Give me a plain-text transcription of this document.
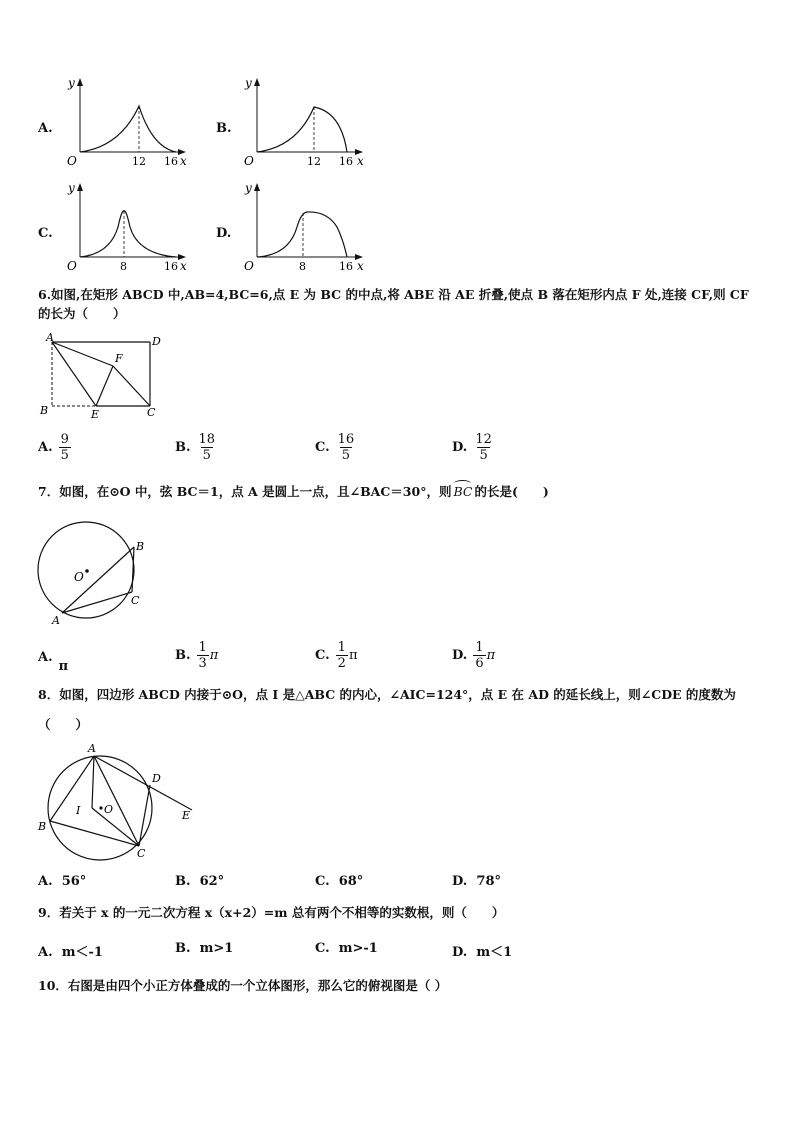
A.	B.
C.	D.
y
x
O	12 16
y
x
O	12 16
y
x
O	8	16
y
x
O	8	16
6.如图,在矩形 ABCD 中,AB=4,BC=6,点 E 为 BC 的中点,将 ABE 沿 AE 折叠,使点 B 落在矩形内点 F 处,连接 CF,则 CF
的长为（　　）
A	D
B	C
E
F
A. $\frac{9}{5}$	B. $\frac{18}{5}$	C. $\frac{16}{5}$	D. $\frac{12}{5}$
7．如图，在⊙O 中，弦 BC＝1，点 A 是圆上一点，且∠BAC＝30°，则 BC 的长是(　　)
O
B
C
A
A.
π
B. $\frac{1}{3}$ π	C. $\frac{1}{2}$ π	D. $\frac{1}{6}$ π
8．如图，四边形 ABCD 内接于⊙O，点 I 是△ABC 的内心，∠AIC=124°，点 E 在 AD 的延长线上，则∠CDE 的度数为
（　　）
A
D
E
B
C
I O
A. 56°	B. 62°	C. 68°	D. 78°
9．若关于 x 的一元二次方程 x（x+2）=m 总有两个不相等的实数根，则（　　）
A. m＜-1	B. m>1	C. m>-1	D. m＜1
10．右图是由四个小正方体叠成的一个立体图形，那么它的俯视图是（ ）
